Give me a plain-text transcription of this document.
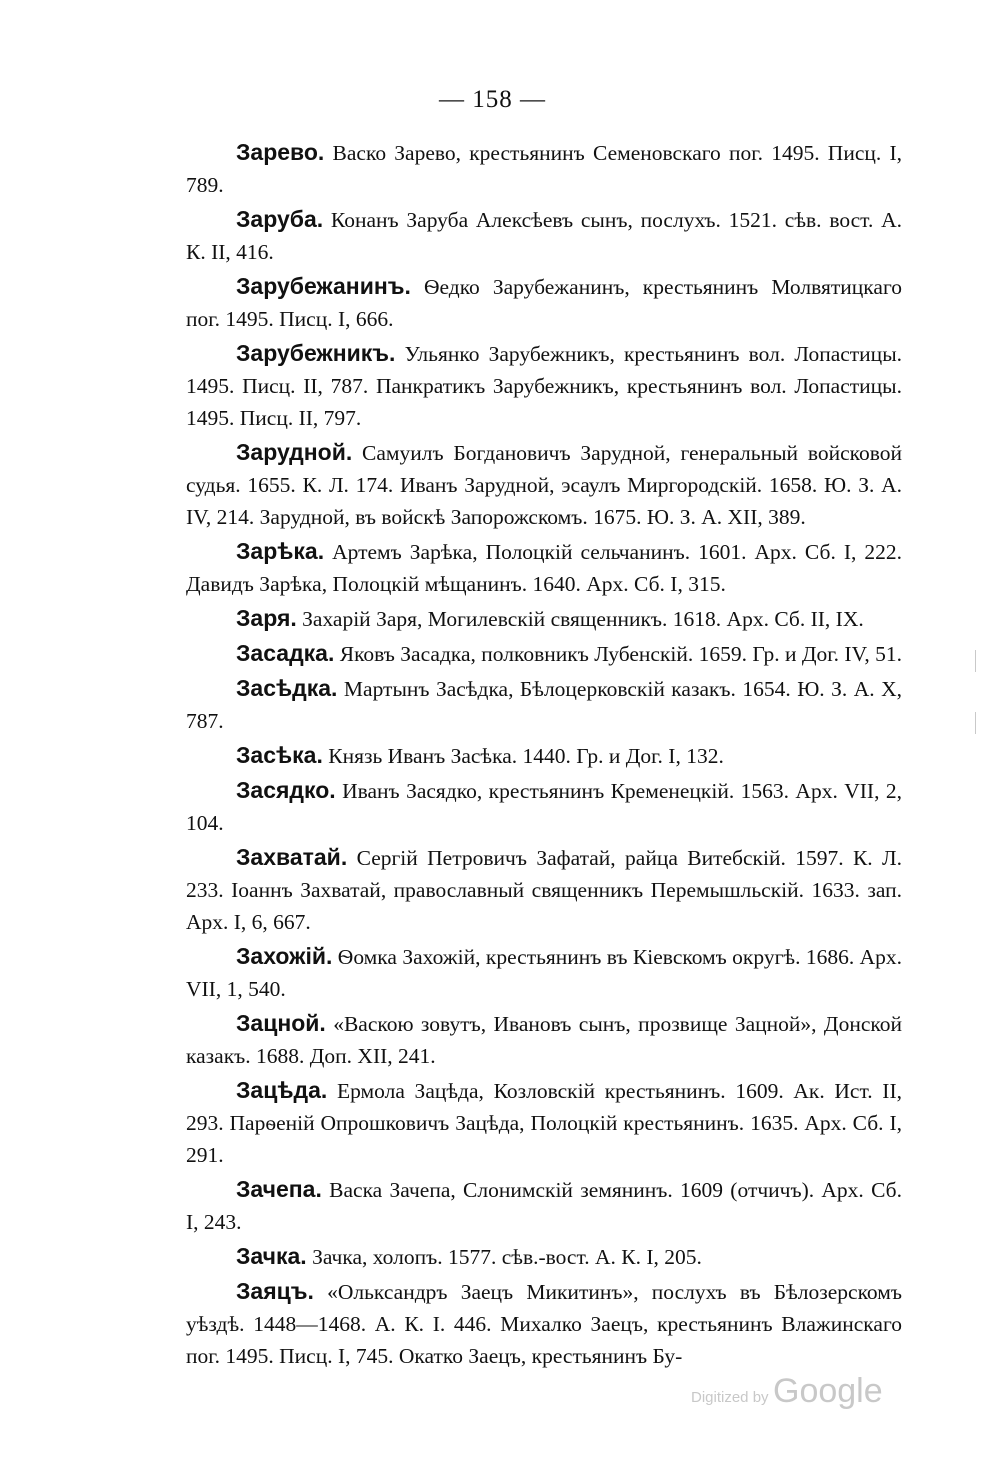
— 158 —

Зарево. Васко Зарево, крестьянинъ Семеновскаго пог. 1495. Писц. I, 789.

Заруба. Конанъ Заруба Алексѣевъ сынъ, послухъ. 1521. сѣв. вост. А. К. II, 416.

Зарубежанинъ. Ѳедко Зарубежанинъ, крестьянинъ Молвятицкаго пог. 1495. Писц. I, 666.

Зарубежникъ. Ульянко Зарубежникъ, крестьянинъ вол. Лопастицы. 1495. Писц. II, 787. Панкратикъ Зарубежникъ, крестьянинъ вол. Лопастицы. 1495. Писц. II, 797.

Зарудной. Самуилъ Богдановичъ Зарудной, генеральный войсковой судья. 1655. К. Л. 174. Иванъ Зарудной, эсаулъ Миргородскій. 1658. Ю. З. А. IV, 214. Зарудной, въ войскѣ Запорожскомъ. 1675. Ю. З. А. XII, 389.

Зарѣка. Артемъ Зарѣка, Полоцкій сельчанинъ. 1601. Арх. Сб. I, 222. Давидъ Зарѣка, Полоцкій мѣщанинъ. 1640. Арх. Сб. I, 315.

Заря. Захарій Заря, Могилевскій священникъ. 1618. Арх. Сб. II, IX.

Засадка. Яковъ Засадка, полковникъ Лубенскій. 1659. Гр. и Дог. IV, 51.

Засѣдка. Мартынъ Засѣдка, Бѣлоцерковскій казакъ. 1654. Ю. З. А. X, 787.

Засѣка. Князь Иванъ Засѣка. 1440. Гр. и Дог. I, 132.

Засядко. Иванъ Засядко, крестьянинъ Кременецкій. 1563. Арх. VII, 2, 104.

Захватай. Сергій Петровичъ Зафатай, райца Витебскій. 1597. К. Л. 233. Іоаннъ Захватай, православный священникъ Перемышльскій. 1633. зап. Арх. I, 6, 667.

Захожій. Ѳомка Захожій, крестьянинъ въ Кіевскомъ округѣ. 1686. Арх. VII, 1, 540.

Зацной. «Васкою зовутъ, Ивановъ сынъ, прозвище Зацной», Донской казакъ. 1688. Доп. XII, 241.

Зацѣда. Ермола Зацѣда, Козловскій крестьянинъ. 1609. Ак. Ист. II, 293. Парѳеній Опрошковичъ Зацѣда, Полоцкій крестьянинъ. 1635. Арх. Сб. I, 291.

Зачепа. Васка Зачепа, Слонимскій земянинъ. 1609 (отчичъ). Арх. Сб. I, 243.

Зачка. Зачка, холопъ. 1577. сѣв.-вост. А. К. I, 205.

Заяцъ. «Ольксандръ Заецъ Микитинъ», послухъ въ Бѣлозерскомъ уѣздѣ. 1448—1468. А. К. I. 446. Михалко Заецъ, крестьянинъ Влажинскаго пог. 1495. Писц. I, 745. Окатко Заецъ, крестьянинъ Бу-

Digitized by Google
